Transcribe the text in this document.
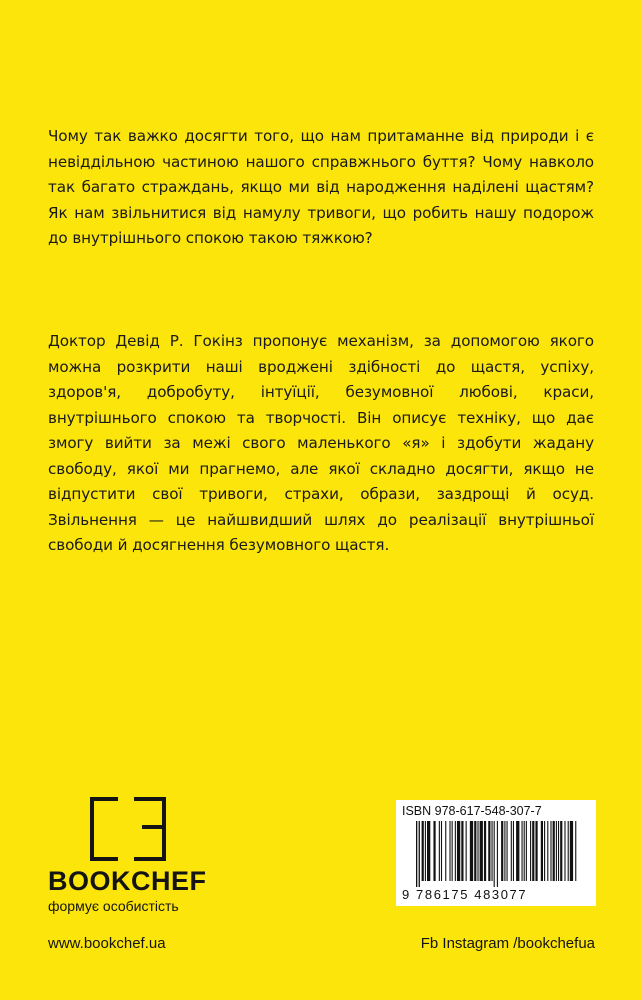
Чому так важко досягти того, що нам притаманне від природи і є невіддільною частиною нашого справжнього буття? Чому навколо так багато страждань, якщо ми від народження наділені щастям? Як нам звільнитися від намулу тривоги, що робить нашу подорож до внутрішнього спокою такою тяжкою?

Доктор Девід Р. Гокінз пропонує механізм, за допомогою якого можна розкрити наші вроджені здібності до щастя, успіху, здоров'я, добробуту, інтуїції, безумовної любові, краси, внутрішнього спокою та творчості. Він описує техніку, що дає змогу вийти за межі свого маленького «я» і здобути жадану свободу, якої ми прагнемо, але якої складно досягти, якщо не відпустити свої тривоги, страхи, образи, заздрощі й осуд. Звільнення — це найшвидший шлях до реалізації внутрішньої свободи й досягнення безумовного щастя.

BOOKCHEF
формує особистість
ISBN 978-617-548-307-7
9 786175 483077
www.bookchef.ua	Fb Instagram /bookchefua
